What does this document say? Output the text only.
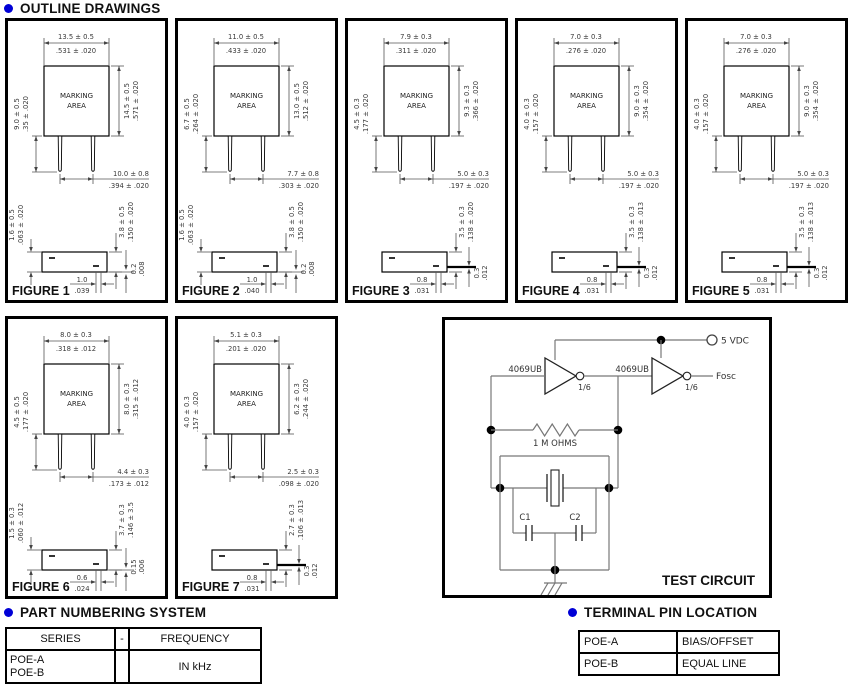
OUTLINE DRAWINGS
13.5 ± 0.5
.531 ± .020
MARKING
AREA	14.5 ± 0.5 .571 ± .020
9.0 ± 0.5 .35 ± .020
10.0 ± 0.8
.394 ± .020
1.6 ± 0.5 .063 ± .020	3.8 ± 0.5 .150 ± .020
1.0
.039
0.2 .008
FIGURE 1
11.0 ± 0.5
.433 ± .020
MARKING
AREA	13.0 ± 0.5 .512 ± .020
6.7 ± 0.5 .264 ± .020
7.7 ± 0.8
.303 ± .020
1.6 ± 0.5 .063 ± .020	3.8 ± 0.5 .150 ± .020
1.0
.040
0.2 .008
FIGURE 2
7.9 ± 0.3
.311 ± .020
MARKING
AREA	9.3 ± 0.3 .366 ± .020
4.5 ± 0.3 .177 ± .020
5.0 ± 0.3
.197 ± .020
3.5 ± 0.3 .138 ± .020
0.8
.031
0.3 .012
FIGURE 3
7.0 ± 0.3
.276 ± .020
MARKING
AREA	9.0 ± 0.3 .354 ± .020
4.0 ± 0.3 .157 ± .020
5.0 ± 0.3
.197 ± .020
3.5 ± 0.3 .138 ± .013
0.8
.031
0.3 .012
FIGURE 4
7.0 ± 0.3
.276 ± .020
MARKING
AREA	9.0 ± 0.3 .354 ± .020
4.0 ± 0.3 .157 ± .020
5.0 ± 0.3
.197 ± .020
3.5 ± 0.3 .138 ± .013
0.8
.031
0.3 .012
FIGURE 5
8.0 ± 0.3
.318 ± .012
MARKING
AREA	8.0 ± 0.3 .315 ± .012
4.5 ± 0.5 .177 ± .020
4.4 ± 0.3
.173 ± .012
1.5 ± 0.3 .060 ± .012	3.7 ± 0.3 .146 ± 3.5
0.6
.024
0.15 .006
FIGURE 6
5.1 ± 0.3
.201 ± .020
MARKING
AREA	6.2 ± 0.3 .244 ± .020
4.0 ± 0.3 .157 ± .020
2.5 ± 0.3
.098 ± .020
2.7 ± 0.3 .106 ± .013
0.8
.031
0.3 .012
FIGURE 7
5 VDC
4069UB
1/6
4069UB
1/6
Fosc
1 M OHMS
C1	C2
TEST CIRCUIT
PART NUMBERING SYSTEM
SERIES	-	FREQUENCY

POE-A
POE-B		IN kHz
TERMINAL PIN LOCATION
POE-A	BIAS/OFFSET
POE-B	EQUAL LINE
